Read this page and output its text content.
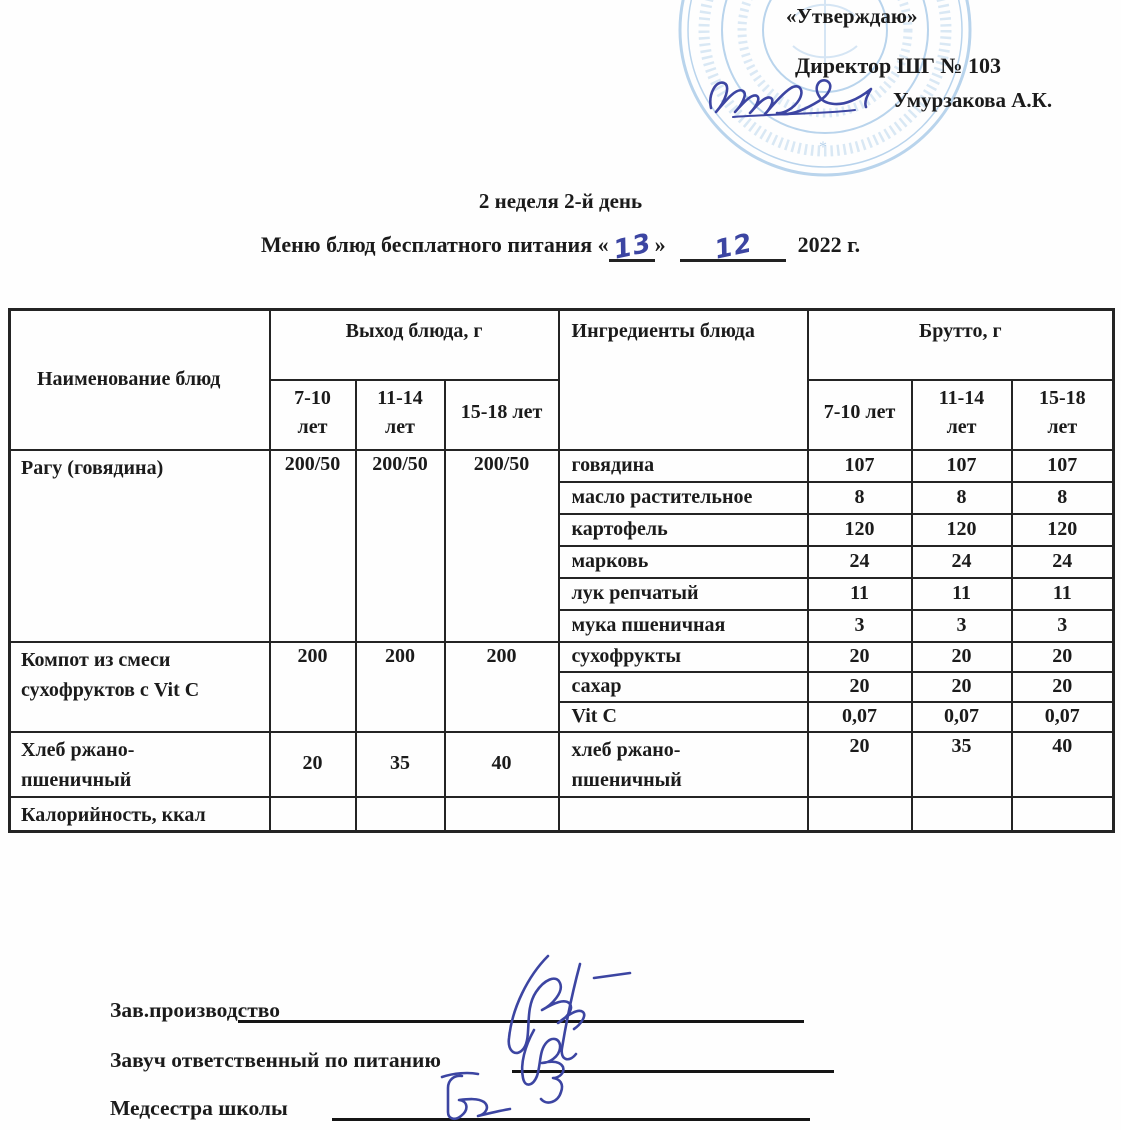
*
«Утверждаю»
Директор ШГ № 103
Умурзакова А.К.
2 неделя 2-й день
Меню блюд бесплатного питания « 13 »	12	2022 г.
Наименование блюд	Выход блюда, г			Ингредиенты блюда	Брутто, г		
	7-10 лет	11-14 лет	15-18 лет		7-10 лет	11-14 лет	15-18 лет
Рагу (говядина)	200/50	200/50	200/50	говядина	107	107	107
				масло растительное	8	8	8
				картофель	120	120	120
				марковь	24	24	24
				лук репчатый	11	11	11
				мука пшеничная	3	3	3
Компот из смеси сухофруктов с Vit C	200	200	200	сухофрукты	20	20	20
				сахар	20	20	20
				Vit C	0,07	0,07	0,07
Хлеб ржано-пшеничный	20	35	40	хлеб ржано-пшеничный	20	35	40
Калорийность, ккал							
Зав.производство
Завуч ответственный по питанию
Медсестра школы
